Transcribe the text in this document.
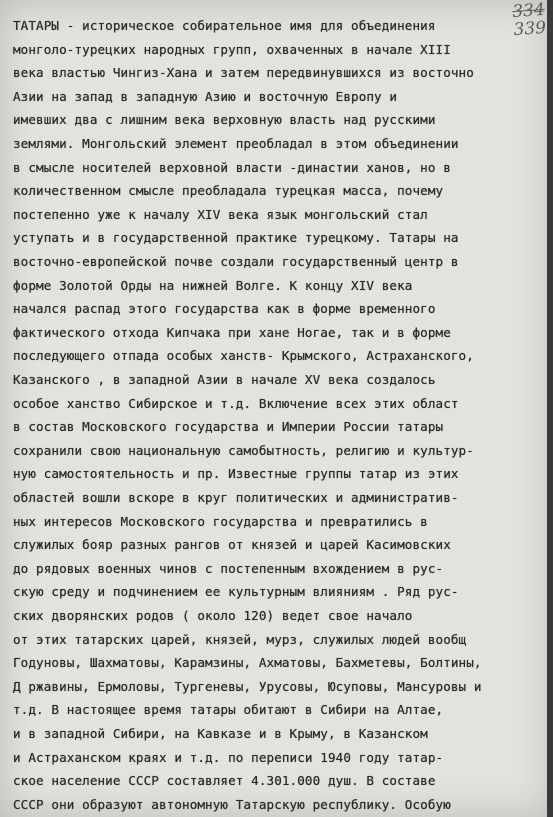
334
339
ТАТАРЫ - историческое собирательное имя для объединения
монголо-турецких народных групп, охваченных в начале XIII
века властью Чингиз-Хана и затем передвинувшихся из восточно
Азии на запад в западную Азию и восточную Европу и
имевших два с лишним века верховную власть над русскими
землями. Монгольский элемент преобладал в этом объединении
в смысле носителей верховной власти -династии ханов, но в
количественном смысле преобладала турецкая масса, почему
постепенно уже к началу XIV века язык монгольский стал
уступать и в государственной практике турецкому. Татары на
восточно-европейской почве создали государственный центр в
форме Золотой Орды на нижней Волге. К концу XIV века
начался распад этого государства как в форме временного
фактического отхода Кипчака при хане Ногае, так и в форме
последующего отпада особых ханств- Крымского, Астраханского,
Казанского , в западной Азии в начале XV века создалось
особое ханство Сибирское и т.д. Включение всех этих област
в состав Московского государства и Империи России татары
сохранили свою национальную самобытность, религию и культур-
ную самостоятельность и пр. Известные группы татар из этих
областей вошли вскоре в круг политических и административ-
ных интересов Московского государства и превратились в
служилых бояр разных рангов от князей и царей Касимовских
до рядовых военных чинов с постепенным вхождением в рус-
скую среду и подчинением ее культурным влияниям . Ряд рус-
ских дворянских родов ( около 120) ведет свое начало
от этих татарских царей, князей, мурз, служилых людей вообщ
Годуновы, Шахматовы, Карамзины, Ахматовы, Бахметевы, Болтины,
Д ржавины, Ермоловы, Тургеневы, Урусовы, Юсуповы, Мансуровы и
т.д. В настоящее время татары обитают в Сибири на Алтае,
и в западной Сибири, на Кавказе и в Крыму, в Казанском
и Астраханском краях и т.д. по переписи 1940 году татар-
ское население СССР составляет 4.301.000 душ. В составе
СССР они образуют автономную Татарскую республику. Особую
